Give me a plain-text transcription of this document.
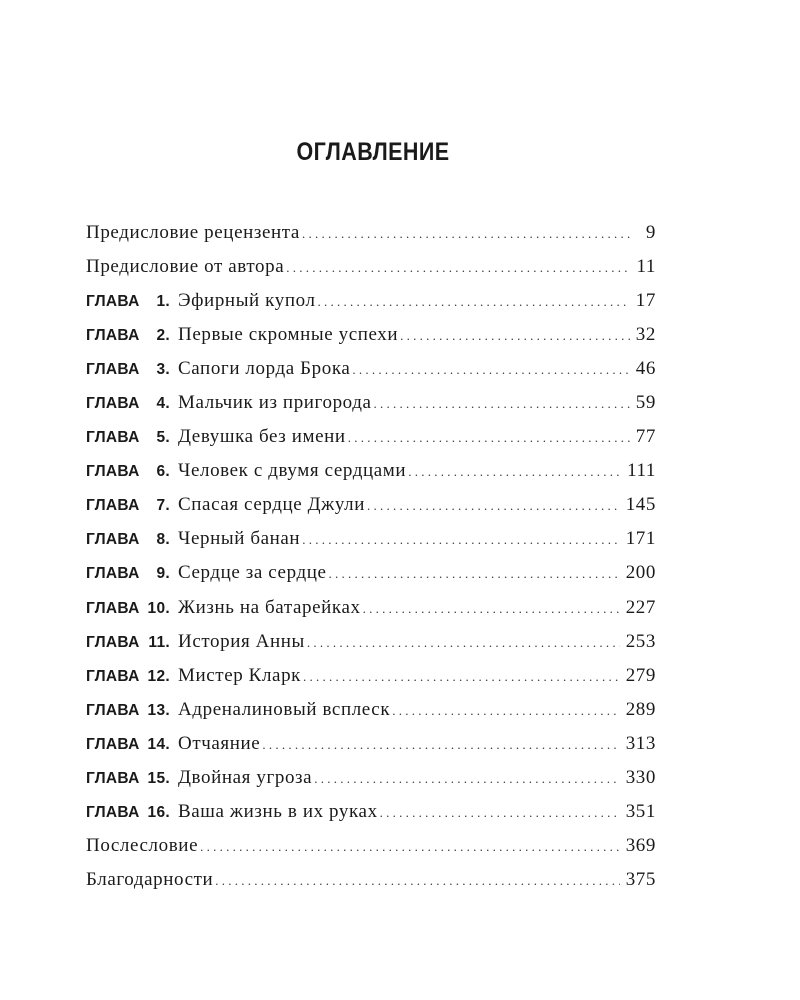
ОГЛАВЛЕНИЕ
Предисловие рецензента . . .	9
Предисловие от автора . . .	11
ГЛАВА	1. Эфирный купол . . .	17
ГЛАВА	2. Первые скромные успехи . . .	32
ГЛАВА	3. Сапоги лорда Брока . . .	46
ГЛАВА	4. Мальчик из пригорода . . .	59
ГЛАВА	5. Девушка без имени . . .	77
ГЛАВА	6. Человек с двумя сердцами . . .	111
ГЛАВА	7. Спасая сердце Джули . . .	145
ГЛАВА	8. Черный банан . . .	171
ГЛАВА	9. Сердце за сердце . . .	200
ГЛАВА 10. Жизнь на батарейках . . .	227
ГЛАВА 11. История Анны . . .	253
ГЛАВА 12. Мистер Кларк . . .	279
ГЛАВА 13. Адреналиновый всплеск . . .	289
ГЛАВА 14. Отчаяние . . .	313
ГЛАВА 15. Двойная угроза . . .	330
ГЛАВА 16. Ваша жизнь в их руках . . .	351
Послесловие . . .	369
Благодарности . . .	375
